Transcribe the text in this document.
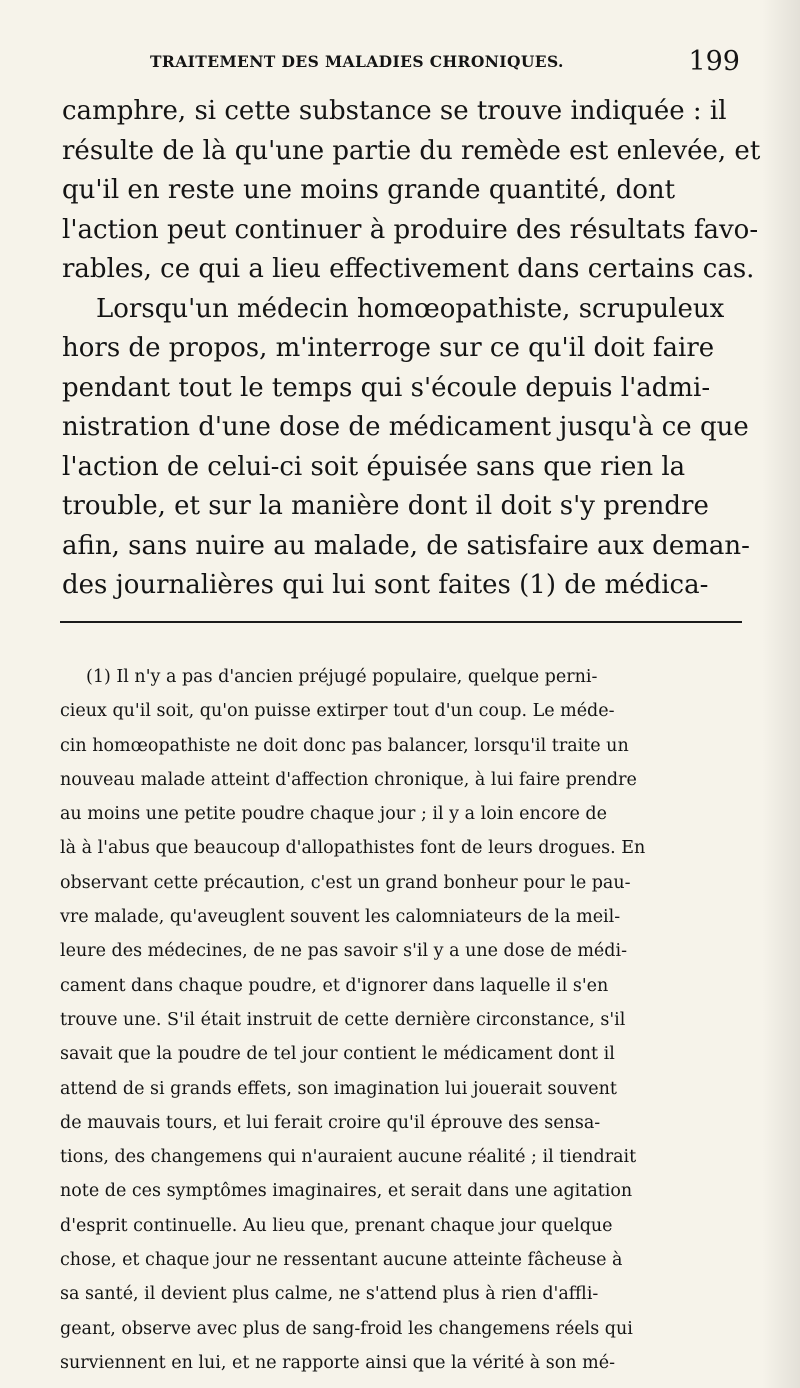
TRAITEMENT DES MALADIES CHRONIQUES.	199
camphre, si cette substance se trouve indiquée : il
résulte de là qu'une partie du remède est enlevée, et
qu'il en reste une moins grande quantité, dont
l'action peut continuer à produire des résultats favo-
rables, ce qui a lieu effectivement dans certains cas.
Lorsqu'un médecin homœopathiste, scrupuleux
hors de propos, m'interroge sur ce qu'il doit faire
pendant tout le temps qui s'écoule depuis l'admi-
nistration d'une dose de médicament jusqu'à ce que
l'action de celui-ci soit épuisée sans que rien la
trouble, et sur la manière dont il doit s'y prendre
afin, sans nuire au malade, de satisfaire aux deman-
des journalières qui lui sont faites (1) de médica-
(1) Il n'y a pas d'ancien préjugé populaire, quelque perni-
cieux qu'il soit, qu'on puisse extirper tout d'un coup. Le méde-
cin homœopathiste ne doit donc pas balancer, lorsqu'il traite un
nouveau malade atteint d'affection chronique, à lui faire prendre
au moins une petite poudre chaque jour ; il y a loin encore de
là à l'abus que beaucoup d'allopathistes font de leurs drogues. En
observant cette précaution, c'est un grand bonheur pour le pau-
vre malade, qu'aveuglent souvent les calomniateurs de la meil-
leure des médecines, de ne pas savoir s'il y a une dose de médi-
cament dans chaque poudre, et d'ignorer dans laquelle il s'en
trouve une. S'il était instruit de cette dernière circonstance, s'il
savait que la poudre de tel jour contient le médicament dont il
attend de si grands effets, son imagination lui jouerait souvent
de mauvais tours, et lui ferait croire qu'il éprouve des sensa-
tions, des changemens qui n'auraient aucune réalité ; il tiendrait
note de ces symptômes imaginaires, et serait dans une agitation
d'esprit continuelle. Au lieu que, prenant chaque jour quelque
chose, et chaque jour ne ressentant aucune atteinte fâcheuse à
sa santé, il devient plus calme, ne s'attend plus à rien d'affli-
geant, observe avec plus de sang-froid les changemens réels qui
surviennent en lui, et ne rapporte ainsi que la vérité à son mé-
